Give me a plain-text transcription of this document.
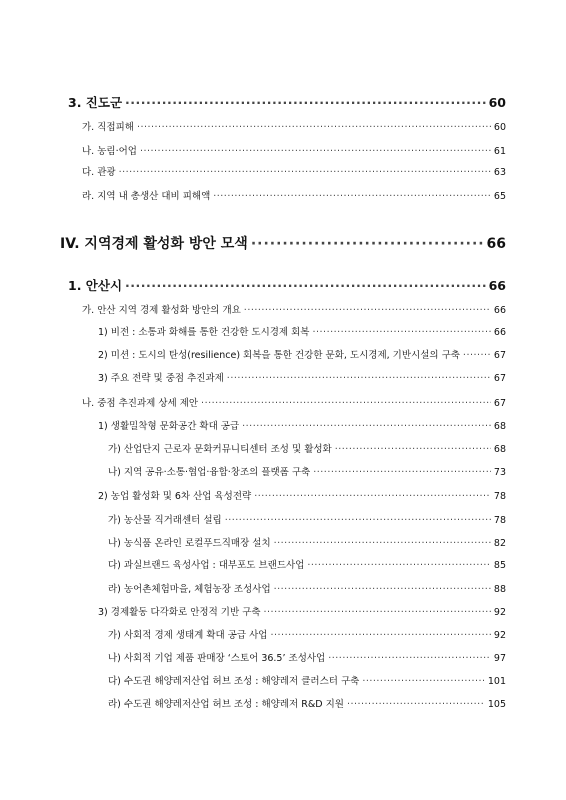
3. 진도군 ·····	60
가. 직접피해 ·····	60
나. 농림·어업 ·····	61
다. 관광 ·····	63
라. 지역 내 총생산 대비 피해액 ·····	65
IV. 지역경제 활성화 방안 모색 ·····	66
1. 안산시 ·····	66
가. 안산 지역 경제 활성화 방안의 개요 ·····	66
1) 비전 : 소통과 화해를 통한 건강한 도시경제 회복 ·····	66
2) 미션 : 도시의 탄성(resilience) 회복을 통한 건강한 문화, 도시경제, 기반시설의 구축 ·····	67
3) 주요 전략 및 중점 추진과제 ·····	67
나. 중점 추진과제 상세 제안 ·····	67
1) 생활밀착형 문화공간 확대 공급 ·····	68
가) 산업단지 근로자 문화커뮤니티센터 조성 및 활성화 ·····	68
나) 지역 공유·소통·협업·융합·창조의 플랫폼 구축 ·····	73
2) 농업 활성화 및 6차 산업 육성전략 ·····	78
가) 농산물 직거래센터 설립 ·····	78
나) 농식품 온라인 로컬푸드직매장 설치 ·····	82
다) 과실브랜드 육성사업 : 대부포도 브랜드사업 ·····	85
라) 농어촌체험마을, 체험농장 조성사업 ·····	88
3) 경제활동 다각화로 안정적 기반 구축 ·····	92
가) 사회적 경제 생태계 확대 공급 사업 ·····	92
나) 사회적 기업 제품 판매장 ‘스토어 36.5’ 조성사업 ·····	97
다) 수도권 해양레저산업 허브 조성 : 해양레저 클러스터 구축 ·····	101
라) 수도권 해양레저산업 허브 조성 : 해양레저 R&D 지원 ·····	105
